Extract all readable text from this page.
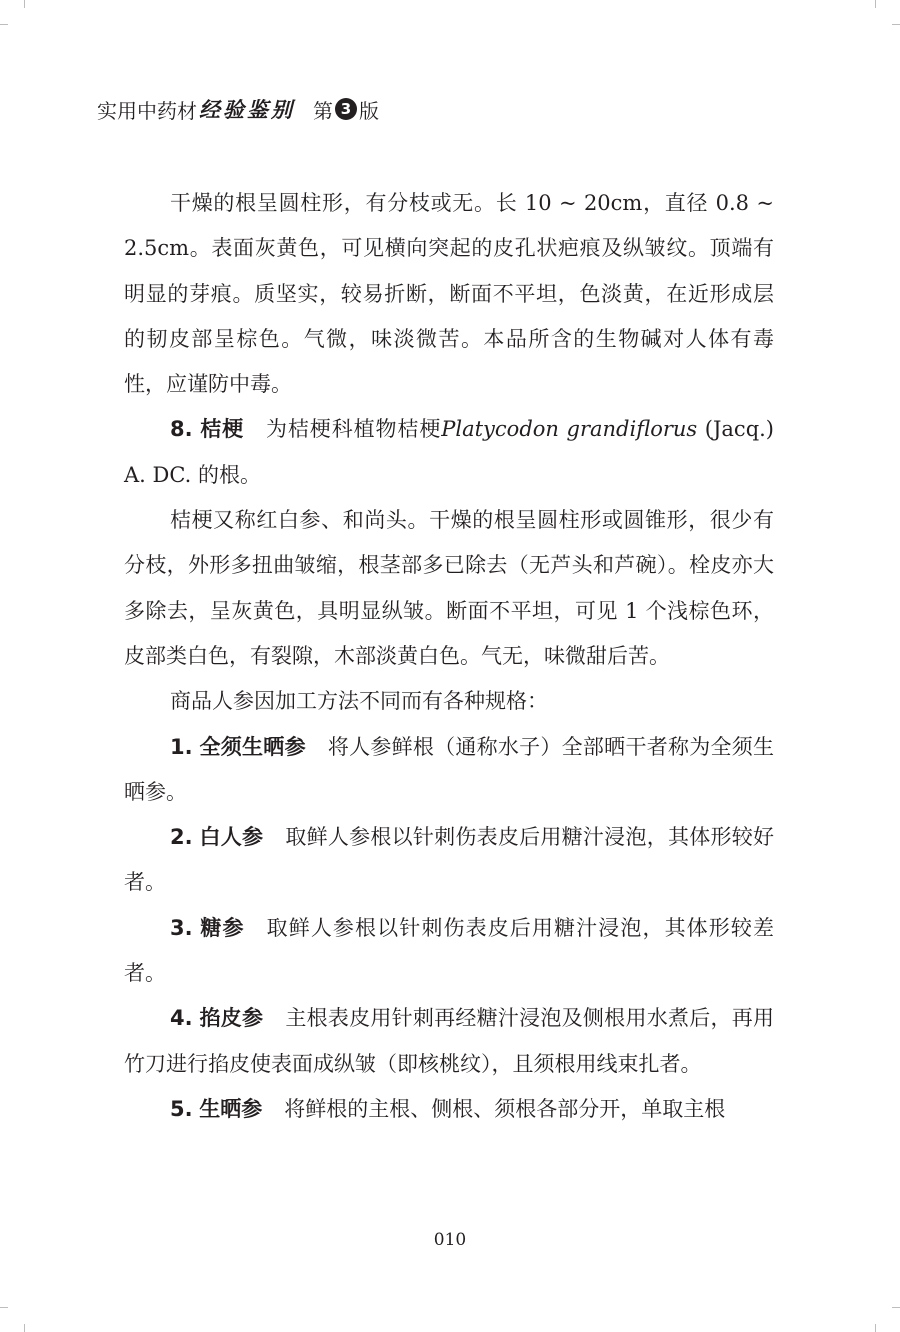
实用中药材 经验鉴别 第 3 版

干燥的根呈圆柱形，有分枝或无。长 10 ~ 20cm，直径 0.8 ~ 2.5cm。表面灰黄色，可见横向突起的皮孔状疤痕及纵皱纹。顶端有明显的芽痕。质坚实，较易折断，断面不平坦，色淡黄，在近形成层的韧皮部呈棕色。气微，味淡微苦。本品所含的生物碱对人体有毒性，应谨防中毒。

8. 桔梗 为桔梗科植物桔梗Platycodon grandiflorus (Jacq.) A. DC. 的根。

桔梗又称红白参、和尚头。干燥的根呈圆柱形或圆锥形，很少有分枝，外形多扭曲皱缩，根茎部多已除去（无芦头和芦碗）。栓皮亦大多除去，呈灰黄色，具明显纵皱。断面不平坦，可见 1 个浅棕色环，皮部类白色，有裂隙，木部淡黄白色。气无，味微甜后苦。

商品人参因加工方法不同而有各种规格：

1. 全须生晒参 将人参鲜根（通称水子）全部晒干者称为全须生晒参。

2. 白人参 取鲜人参根以针刺伤表皮后用糖汁浸泡，其体形较好者。

3. 糖参 取鲜人参根以针刺伤表皮后用糖汁浸泡，其体形较差者。

4. 掐皮参 主根表皮用针刺再经糖汁浸泡及侧根用水煮后，再用竹刀进行掐皮使表面成纵皱（即核桃纹），且须根用线束扎者。

5. 生晒参 将鲜根的主根、侧根、须根各部分开，单取主根

010
